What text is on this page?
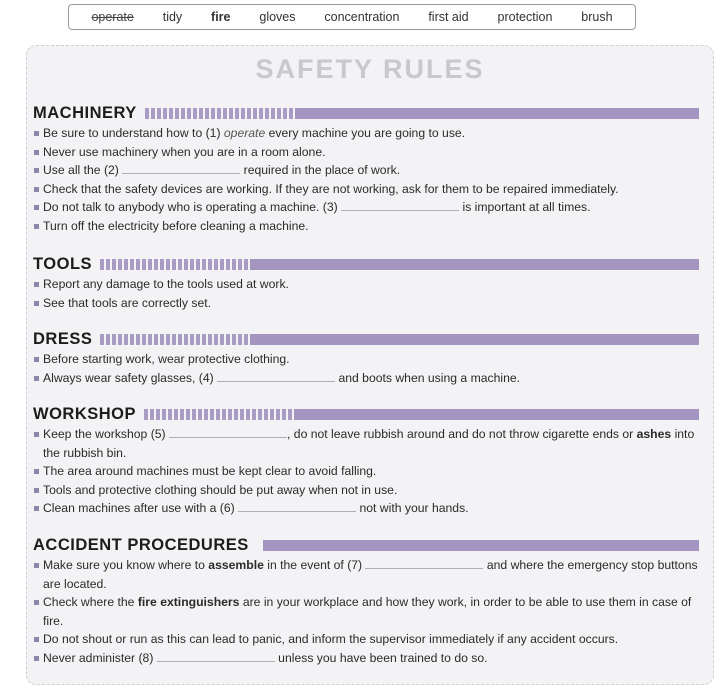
operate tidy fire gloves concentration first aid protection brush
SAFETY RULES
MACHINERY
Be sure to understand how to (1) operate every machine you are going to use.
Never use machinery when you are in a room alone.
Use all the (2)	required in the place of work.
Check that the safety devices are working. If they are not working, ask for them to be repaired immediately.
Do not talk to anybody who is operating a machine. (3)	is important at all times.
Turn off the electricity before cleaning a machine.
TOOLS
Report any damage to the tools used at work.
See that tools are correctly set.
DRESS
Before starting work, wear protective clothing.
Always wear safety glasses, (4)	and boots when using a machine.
WORKSHOP
Keep the workshop (5)	, do not leave rubbish around and do not throw cigarette ends or ashes into the rubbish bin.
The area around machines must be kept clear to avoid falling.
Tools and protective clothing should be put away when not in use.
Clean machines after use with a (6)	not with your hands.
ACCIDENT PROCEDURES
Make sure you know where to assemble in the event of (7)	and where the emergency stop buttons are located.
Check where the fire extinguishers are in your workplace and how they work, in order to be able to use them in case of fire.
Do not shout or run as this can lead to panic, and inform the supervisor immediately if any accident occurs.
Never administer (8)	unless you have been trained to do so.
